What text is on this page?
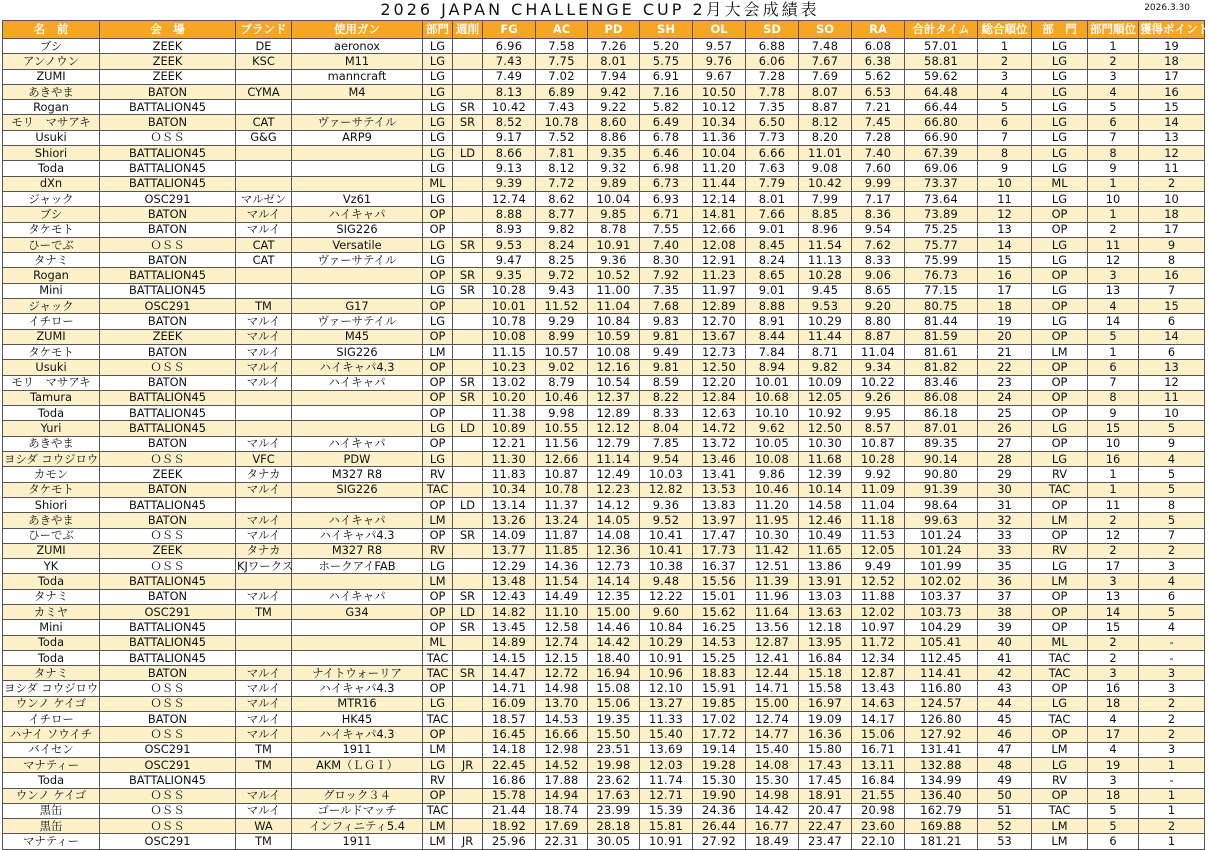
2026 JAPAN CHALLENGE CUP 2月大会成績表	2026.3.30
名　前	会　場	ブランド	使用ガン	部門	週削	FG	AC	PD	SH	OL	SD	SO	RA	合計タイム	総合順位	部　門	部門順位	獲得ポイント
ブシ	ZEEK	DE	aeronox	LG		6.96	7.58	7.26	5.20	9.57	6.88	7.48	6.08	57.01	1	LG	1	19
アンノウン	ZEEK	KSC	M11	LG		7.43	7.75	8.01	5.75	9.76	6.06	7.67	6.38	58.81	2	LG	2	18
ZUMI	ZEEK		manncraft	LG		7.49	7.02	7.94	6.91	9.67	7.28	7.69	5.62	59.62	3	LG	3	17
あきやま	BATON	CYMA	M4	LG		8.13	6.89	9.42	7.16	10.50	7.78	8.07	6.53	64.48	4	LG	4	16
Rogan	BATTALION45			LG	SR	10.42	7.43	9.22	5.82	10.12	7.35	8.87	7.21	66.44	5	LG	5	15
モリ　マサアキ	BATON	CAT	ヴァーサテイル	LG	SR	8.52	10.78	8.60	6.49	10.34	6.50	8.12	7.45	66.80	6	LG	6	14
Usuki	ＯＳＳ	G&G	ARP9	LG		9.17	7.52	8.86	6.78	11.36	7.73	8.20	7.28	66.90	7	LG	7	13
Shiori	BATTALION45			LG	LD	8.66	7.81	9.35	6.46	10.04	6.66	11.01	7.40	67.39	8	LG	8	12
Toda	BATTALION45			LG		9.13	8.12	9.32	6.98	11.20	7.63	9.08	7.60	69.06	9	LG	9	11
dXn	BATTALION45			ML		9.39	7.72	9.89	6.73	11.44	7.79	10.42	9.99	73.37	10	ML	1	2
ジャック	OSC291	マルゼン	Vz61	LG		12.74	8.62	10.04	6.93	12.14	8.01	7.99	7.17	73.64	11	LG	10	10
ブシ	BATON	マルイ	ハイキャパ	OP		8.88	8.77	9.85	6.71	14.81	7.66	8.85	8.36	73.89	12	OP	1	18
タケモト	BATON	マルイ	SIG226	OP		8.93	9.82	8.78	7.55	12.66	9.01	8.96	9.54	75.25	13	OP	2	17
ひーでぶ	ＯＳＳ	CAT	Versatile	LG	SR	9.53	8.24	10.91	7.40	12.08	8.45	11.54	7.62	75.77	14	LG	11	9
タナミ	BATON	CAT	ヴァーサテイル	LG		9.47	8.25	9.36	8.30	12.91	8.24	11.13	8.33	75.99	15	LG	12	8
Rogan	BATTALION45			OP	SR	9.35	9.72	10.52	7.92	11.23	8.65	10.28	9.06	76.73	16	OP	3	16
Mini	BATTALION45			LG	SR	10.28	9.43	11.00	7.35	11.97	9.01	9.45	8.65	77.15	17	LG	13	7
ジャック	OSC291	TM	G17	OP		10.01	11.52	11.04	7.68	12.89	8.88	9.53	9.20	80.75	18	OP	4	15
イチロー	BATON	マルイ	ヴァーサテイル	LG		10.78	9.29	10.84	9.83	12.70	8.91	10.29	8.80	81.44	19	LG	14	6
ZUMI	ZEEK	マルイ	M45	OP		10.08	8.99	10.59	9.81	13.67	8.44	11.44	8.87	81.59	20	OP	5	14
タケモト	BATON	マルイ	SIG226	LM		11.15	10.57	10.08	9.49	12.73	7.84	8.71	11.04	81.61	21	LM	1	6
Usuki	ＯＳＳ	マルイ	ハイキャパ4.3	OP		10.23	9.02	12.16	9.81	12.50	8.94	9.82	9.34	81.82	22	OP	6	13
モリ　マサアキ	BATON	マルイ	ハイキャパ	OP	SR	13.02	8.79	10.54	8.59	12.20	10.01	10.09	10.22	83.46	23	OP	7	12
Tamura	BATTALION45			OP	SR	10.20	10.46	12.37	8.22	12.84	10.68	12.05	9.26	86.08	24	OP	8	11
Toda	BATTALION45			OP		11.38	9.98	12.89	8.33	12.63	10.10	10.92	9.95	86.18	25	OP	9	10
Yuri	BATTALION45			LG	LD	10.89	10.55	12.12	8.04	14.72	9.62	12.50	8.57	87.01	26	LG	15	5
あきやま	BATON	マルイ	ハイキャパ	OP		12.21	11.56	12.79	7.85	13.72	10.05	10.30	10.87	89.35	27	OP	10	9
ヨシダ コウジロウ	ＯＳＳ	VFC	PDW	LG		11.30	12.66	11.14	9.54	13.46	10.08	11.68	10.28	90.14	28	LG	16	4
カモン	ZEEK	タナカ	M327 R8	RV		11.83	10.87	12.49	10.03	13.41	9.86	12.39	9.92	90.80	29	RV	1	5
タケモト	BATON	マルイ	SIG226	TAC		10.34	10.78	12.23	12.82	13.53	10.46	10.14	11.09	91.39	30	TAC	1	5
Shiori	BATTALION45			OP	LD	13.14	11.37	14.12	9.36	13.83	11.20	14.58	11.04	98.64	31	OP	11	8
あきやま	BATON	マルイ	ハイキャパ	LM		13.26	13.24	14.05	9.52	13.97	11.95	12.46	11.18	99.63	32	LM	2	5
ひーでぶ	ＯＳＳ	マルイ	ハイキャパ4.3	OP	SR	14.09	11.87	14.08	10.41	17.47	10.30	10.49	11.53	101.24	33	OP	12	7
ZUMI	ZEEK	タナカ	M327 R8	RV		13.77	11.85	12.36	10.41	17.73	11.42	11.65	12.05	101.24	33	RV	2	2
YK	ＯＳＳ	KJワークス	ホークアイFAB	LG		12.29	14.36	12.73	10.38	16.37	12.51	13.86	9.49	101.99	35	LG	17	3
Toda	BATTALION45			LM		13.48	11.54	14.14	9.48	15.56	11.39	13.91	12.52	102.02	36	LM	3	4
タナミ	BATON	マルイ	ハイキャパ	OP	SR	12.43	14.49	12.35	12.22	15.01	11.96	13.03	11.88	103.37	37	OP	13	6
カミヤ	OSC291	TM	G34	OP	LD	14.82	11.10	15.00	9.60	15.62	11.64	13.63	12.02	103.73	38	OP	14	5
Mini	BATTALION45			OP	SR	13.45	12.58	14.46	10.84	16.25	13.56	12.18	10.97	104.29	39	OP	15	4
Toda	BATTALION45			ML		14.89	12.74	14.42	10.29	14.53	12.87	13.95	11.72	105.41	40	ML	2	-
Toda	BATTALION45			TAC		14.15	12.15	18.40	10.91	15.25	12.41	16.84	12.34	112.45	41	TAC	2	-
タナミ	BATON	マルイ	ナイトウォーリア	TAC	SR	14.47	12.72	16.94	10.96	18.83	12.44	15.18	12.87	114.41	42	TAC	3	3
ヨシダ コウジロウ	ＯＳＳ	マルイ	ハイキャパ4.3	OP		14.71	14.98	15.08	12.10	15.91	14.71	15.58	13.43	116.80	43	OP	16	3
ウンノ ケイゴ	ＯＳＳ	マルイ	MTR16	LG		16.09	13.70	15.06	13.27	19.85	15.00	16.97	14.63	124.57	44	LG	18	2
イチロー	BATON	マルイ	HK45	TAC		18.57	14.53	19.35	11.33	17.02	12.74	19.09	14.17	126.80	45	TAC	4	2
ハナイ ソウイチ	ＯＳＳ	マルイ	ハイキャパ4.3	OP		16.45	16.66	15.50	15.40	17.72	14.77	16.36	15.06	127.92	46	OP	17	2
バイセン	OSC291	TM	1911	LM		14.18	12.98	23.51	13.69	19.14	15.40	15.80	16.71	131.41	47	LM	4	3
マナティー	OSC291	TM	AKM（ＬＧＩ）	LG	JR	22.45	14.52	19.98	12.03	19.28	14.08	17.43	13.11	132.88	48	LG	19	1
Toda	BATTALION45			RV		16.86	17.88	23.62	11.74	15.30	15.30	17.45	16.84	134.99	49	RV	3	-
ウンノ ケイゴ	ＯＳＳ	マルイ	グロック３４	OP		15.78	14.94	17.63	12.71	19.90	14.98	18.91	21.55	136.40	50	OP	18	1
黒缶	ＯＳＳ	マルイ	ゴールドマッチ	TAC		21.44	18.74	23.99	15.39	24.36	14.42	20.47	20.98	162.79	51	TAC	5	1
黒缶	ＯＳＳ	WA	インフィニティ5.4	LM		18.92	17.69	28.18	15.81	26.44	16.77	22.47	23.60	169.88	52	LM	5	2
マナティー	OSC291	TM	1911	LM	JR	25.96	22.31	30.05	10.91	27.92	18.49	23.47	22.10	181.21	53	LM	6	1
